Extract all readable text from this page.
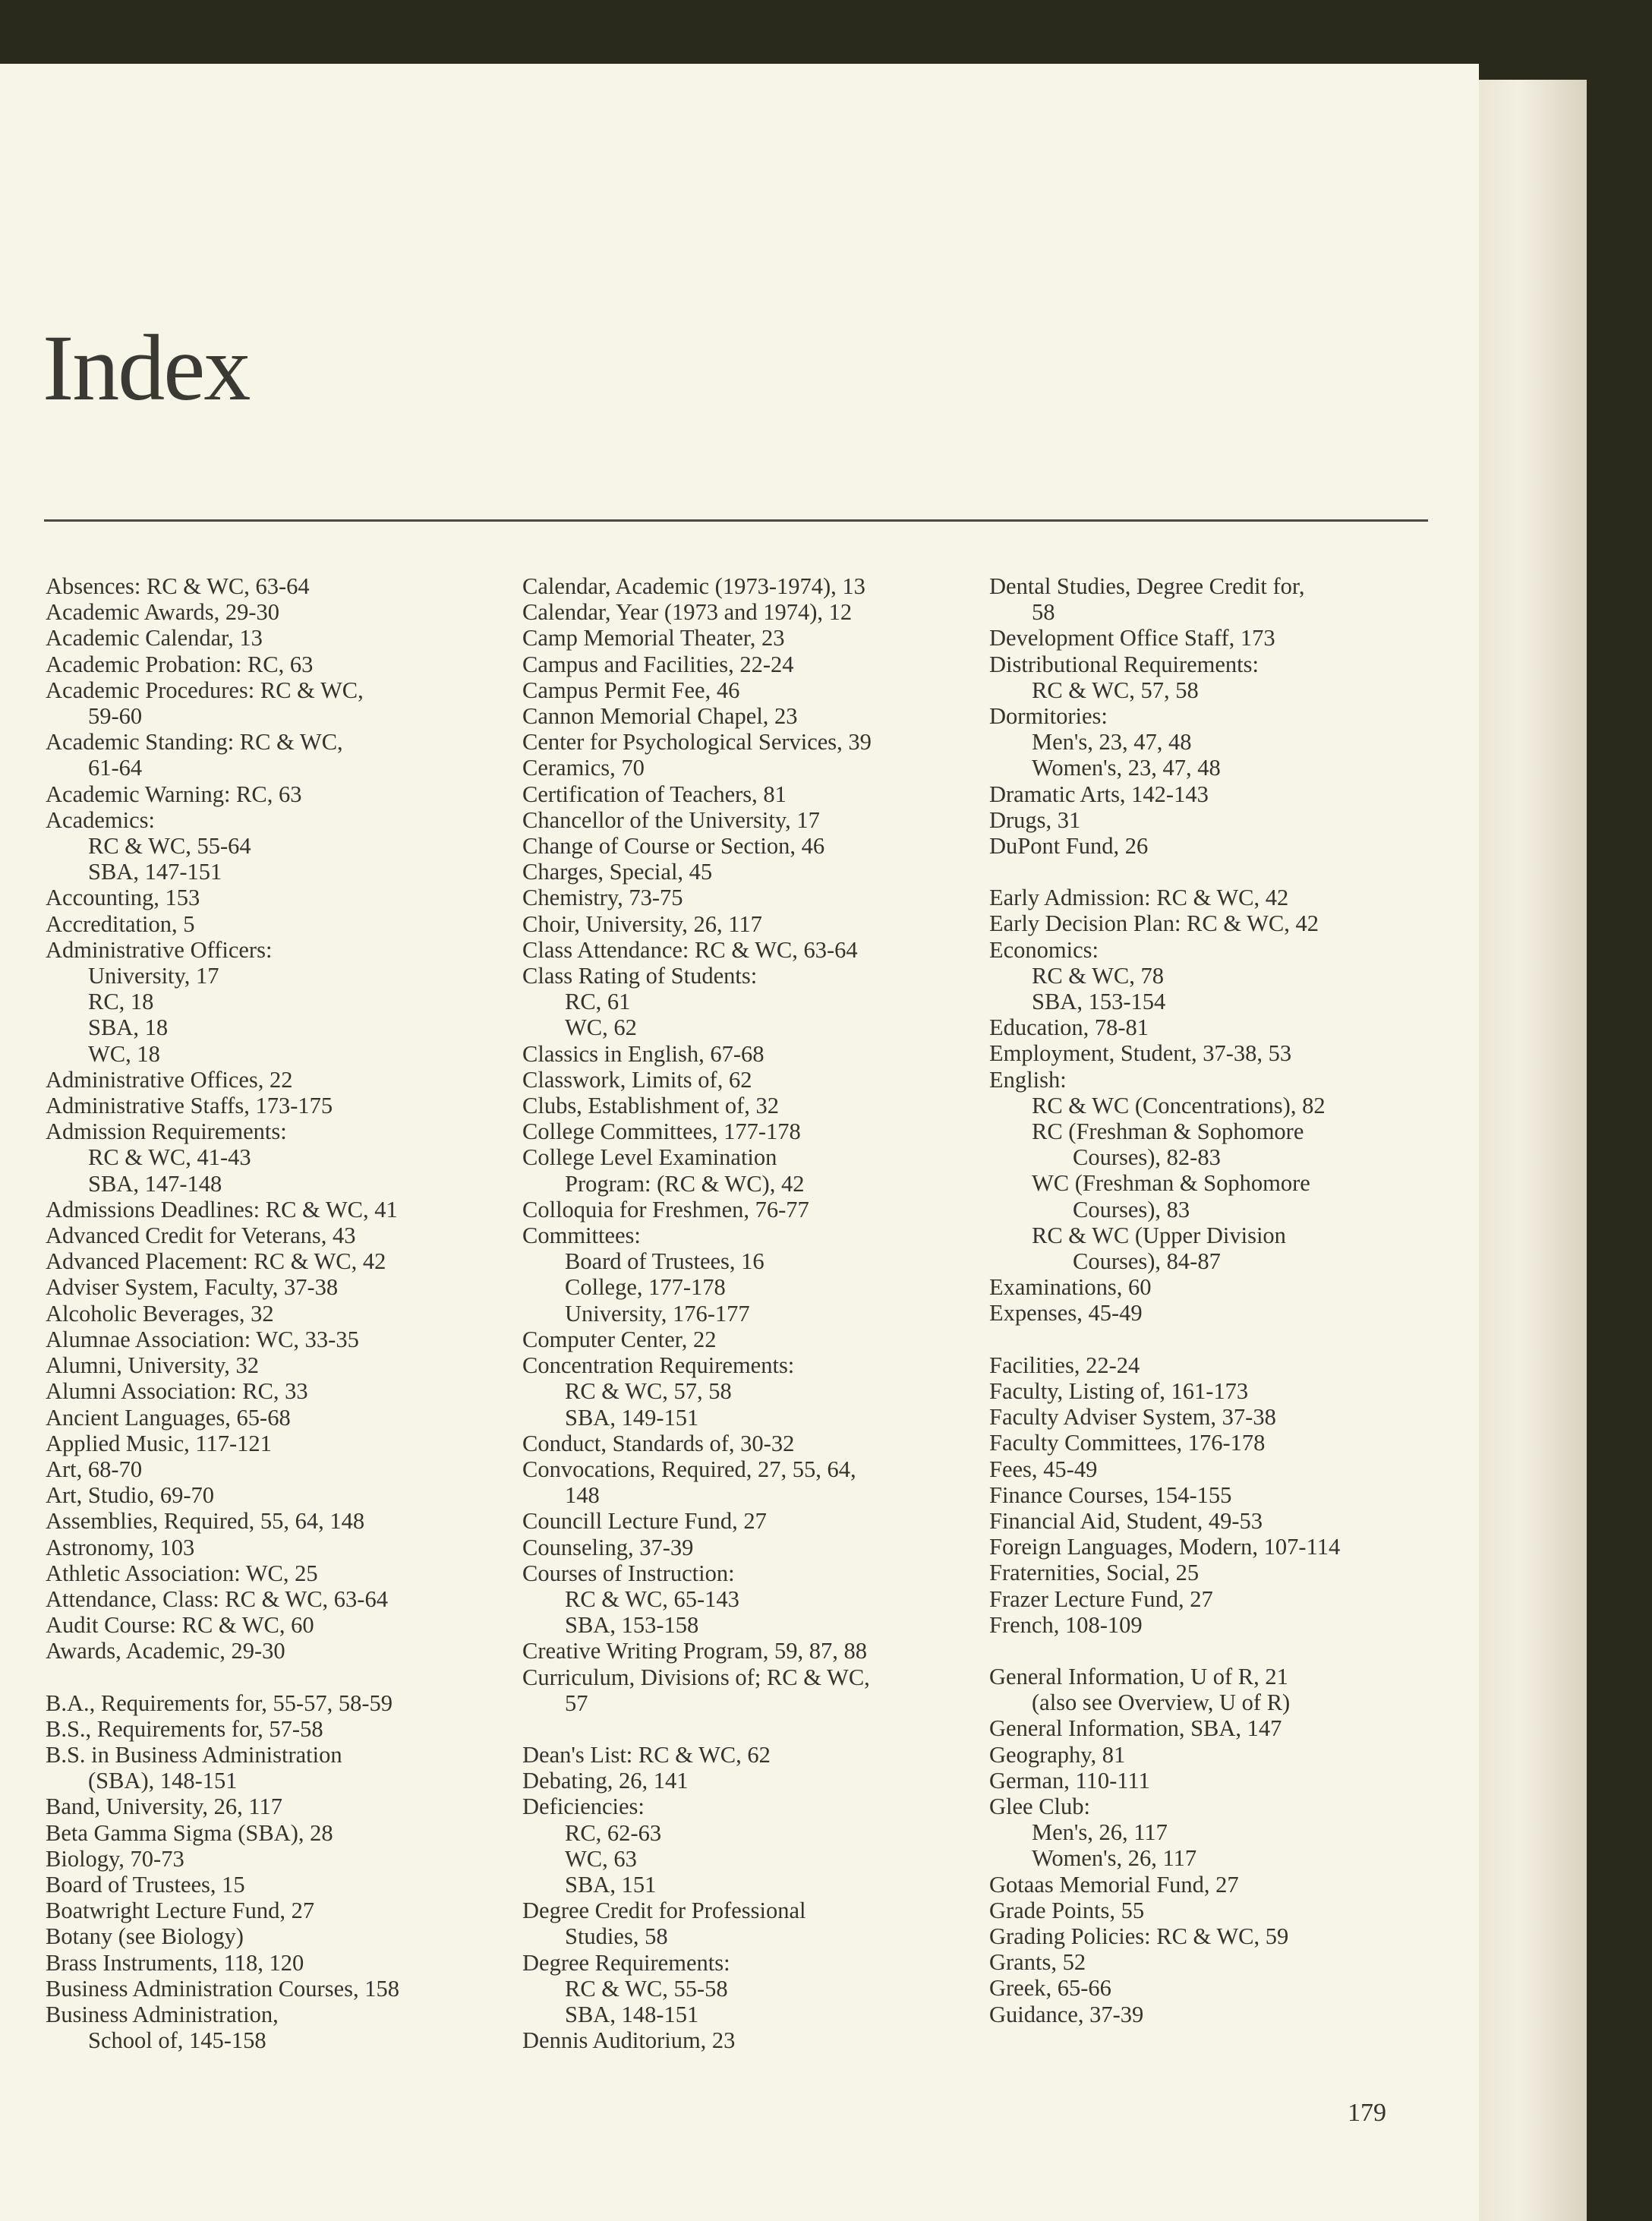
Index
Absences: RC & WC, 63-64
Academic Awards, 29-30
Academic Calendar, 13
Academic Probation: RC, 63
Academic Procedures: RC & WC,
59-60
Academic Standing: RC & WC,
61-64
Academic Warning: RC, 63
Academics:
RC & WC, 55-64
SBA, 147-151
Accounting, 153
Accreditation, 5
Administrative Officers:
University, 17
RC, 18
SBA, 18
WC, 18
Administrative Offices, 22
Administrative Staffs, 173-175
Admission Requirements:
RC & WC, 41-43
SBA, 147-148
Admissions Deadlines: RC & WC, 41
Advanced Credit for Veterans, 43
Advanced Placement: RC & WC, 42
Adviser System, Faculty, 37-38
Alcoholic Beverages, 32
Alumnae Association: WC, 33-35
Alumni, University, 32
Alumni Association: RC, 33
Ancient Languages, 65-68
Applied Music, 117-121
Art, 68-70
Art, Studio, 69-70
Assemblies, Required, 55, 64, 148
Astronomy, 103
Athletic Association: WC, 25
Attendance, Class: RC & WC, 63-64
Audit Course: RC & WC, 60
Awards, Academic, 29-30
B.A., Requirements for, 55-57, 58-59
B.S., Requirements for, 57-58
B.S. in Business Administration
(SBA), 148-151
Band, University, 26, 117
Beta Gamma Sigma (SBA), 28
Biology, 70-73
Board of Trustees, 15
Boatwright Lecture Fund, 27
Botany (see Biology)
Brass Instruments, 118, 120
Business Administration Courses, 158
Business Administration,
School of, 145-158
Calendar, Academic (1973-1974), 13
Calendar, Year (1973 and 1974), 12
Camp Memorial Theater, 23
Campus and Facilities, 22-24
Campus Permit Fee, 46
Cannon Memorial Chapel, 23
Center for Psychological Services, 39
Ceramics, 70
Certification of Teachers, 81
Chancellor of the University, 17
Change of Course or Section, 46
Charges, Special, 45
Chemistry, 73-75
Choir, University, 26, 117
Class Attendance: RC & WC, 63-64
Class Rating of Students:
RC, 61
WC, 62
Classics in English, 67-68
Classwork, Limits of, 62
Clubs, Establishment of, 32
College Committees, 177-178
College Level Examination
Program: (RC & WC), 42
Colloquia for Freshmen, 76-77
Committees:
Board of Trustees, 16
College, 177-178
University, 176-177
Computer Center, 22
Concentration Requirements:
RC & WC, 57, 58
SBA, 149-151
Conduct, Standards of, 30-32
Convocations, Required, 27, 55, 64,
148
Councill Lecture Fund, 27
Counseling, 37-39
Courses of Instruction:
RC & WC, 65-143
SBA, 153-158
Creative Writing Program, 59, 87, 88
Curriculum, Divisions of; RC & WC,
57
Dean's List: RC & WC, 62
Debating, 26, 141
Deficiencies:
RC, 62-63
WC, 63
SBA, 151
Degree Credit for Professional
Studies, 58
Degree Requirements:
RC & WC, 55-58
SBA, 148-151
Dennis Auditorium, 23
Dental Studies, Degree Credit for,
58
Development Office Staff, 173
Distributional Requirements:
RC & WC, 57, 58
Dormitories:
Men's, 23, 47, 48
Women's, 23, 47, 48
Dramatic Arts, 142-143
Drugs, 31
DuPont Fund, 26
Early Admission: RC & WC, 42
Early Decision Plan: RC & WC, 42
Economics:
RC & WC, 78
SBA, 153-154
Education, 78-81
Employment, Student, 37-38, 53
English:
RC & WC (Concentrations), 82
RC (Freshman & Sophomore
Courses), 82-83
WC (Freshman & Sophomore
Courses), 83
RC & WC (Upper Division
Courses), 84-87
Examinations, 60
Expenses, 45-49
Facilities, 22-24
Faculty, Listing of, 161-173
Faculty Adviser System, 37-38
Faculty Committees, 176-178
Fees, 45-49
Finance Courses, 154-155
Financial Aid, Student, 49-53
Foreign Languages, Modern, 107-114
Fraternities, Social, 25
Frazer Lecture Fund, 27
French, 108-109
General Information, U of R, 21
(also see Overview, U of R)
General Information, SBA, 147
Geography, 81
German, 110-111
Glee Club:
Men's, 26, 117
Women's, 26, 117
Gotaas Memorial Fund, 27
Grade Points, 55
Grading Policies: RC & WC, 59
Grants, 52
Greek, 65-66
Guidance, 37-39
179
